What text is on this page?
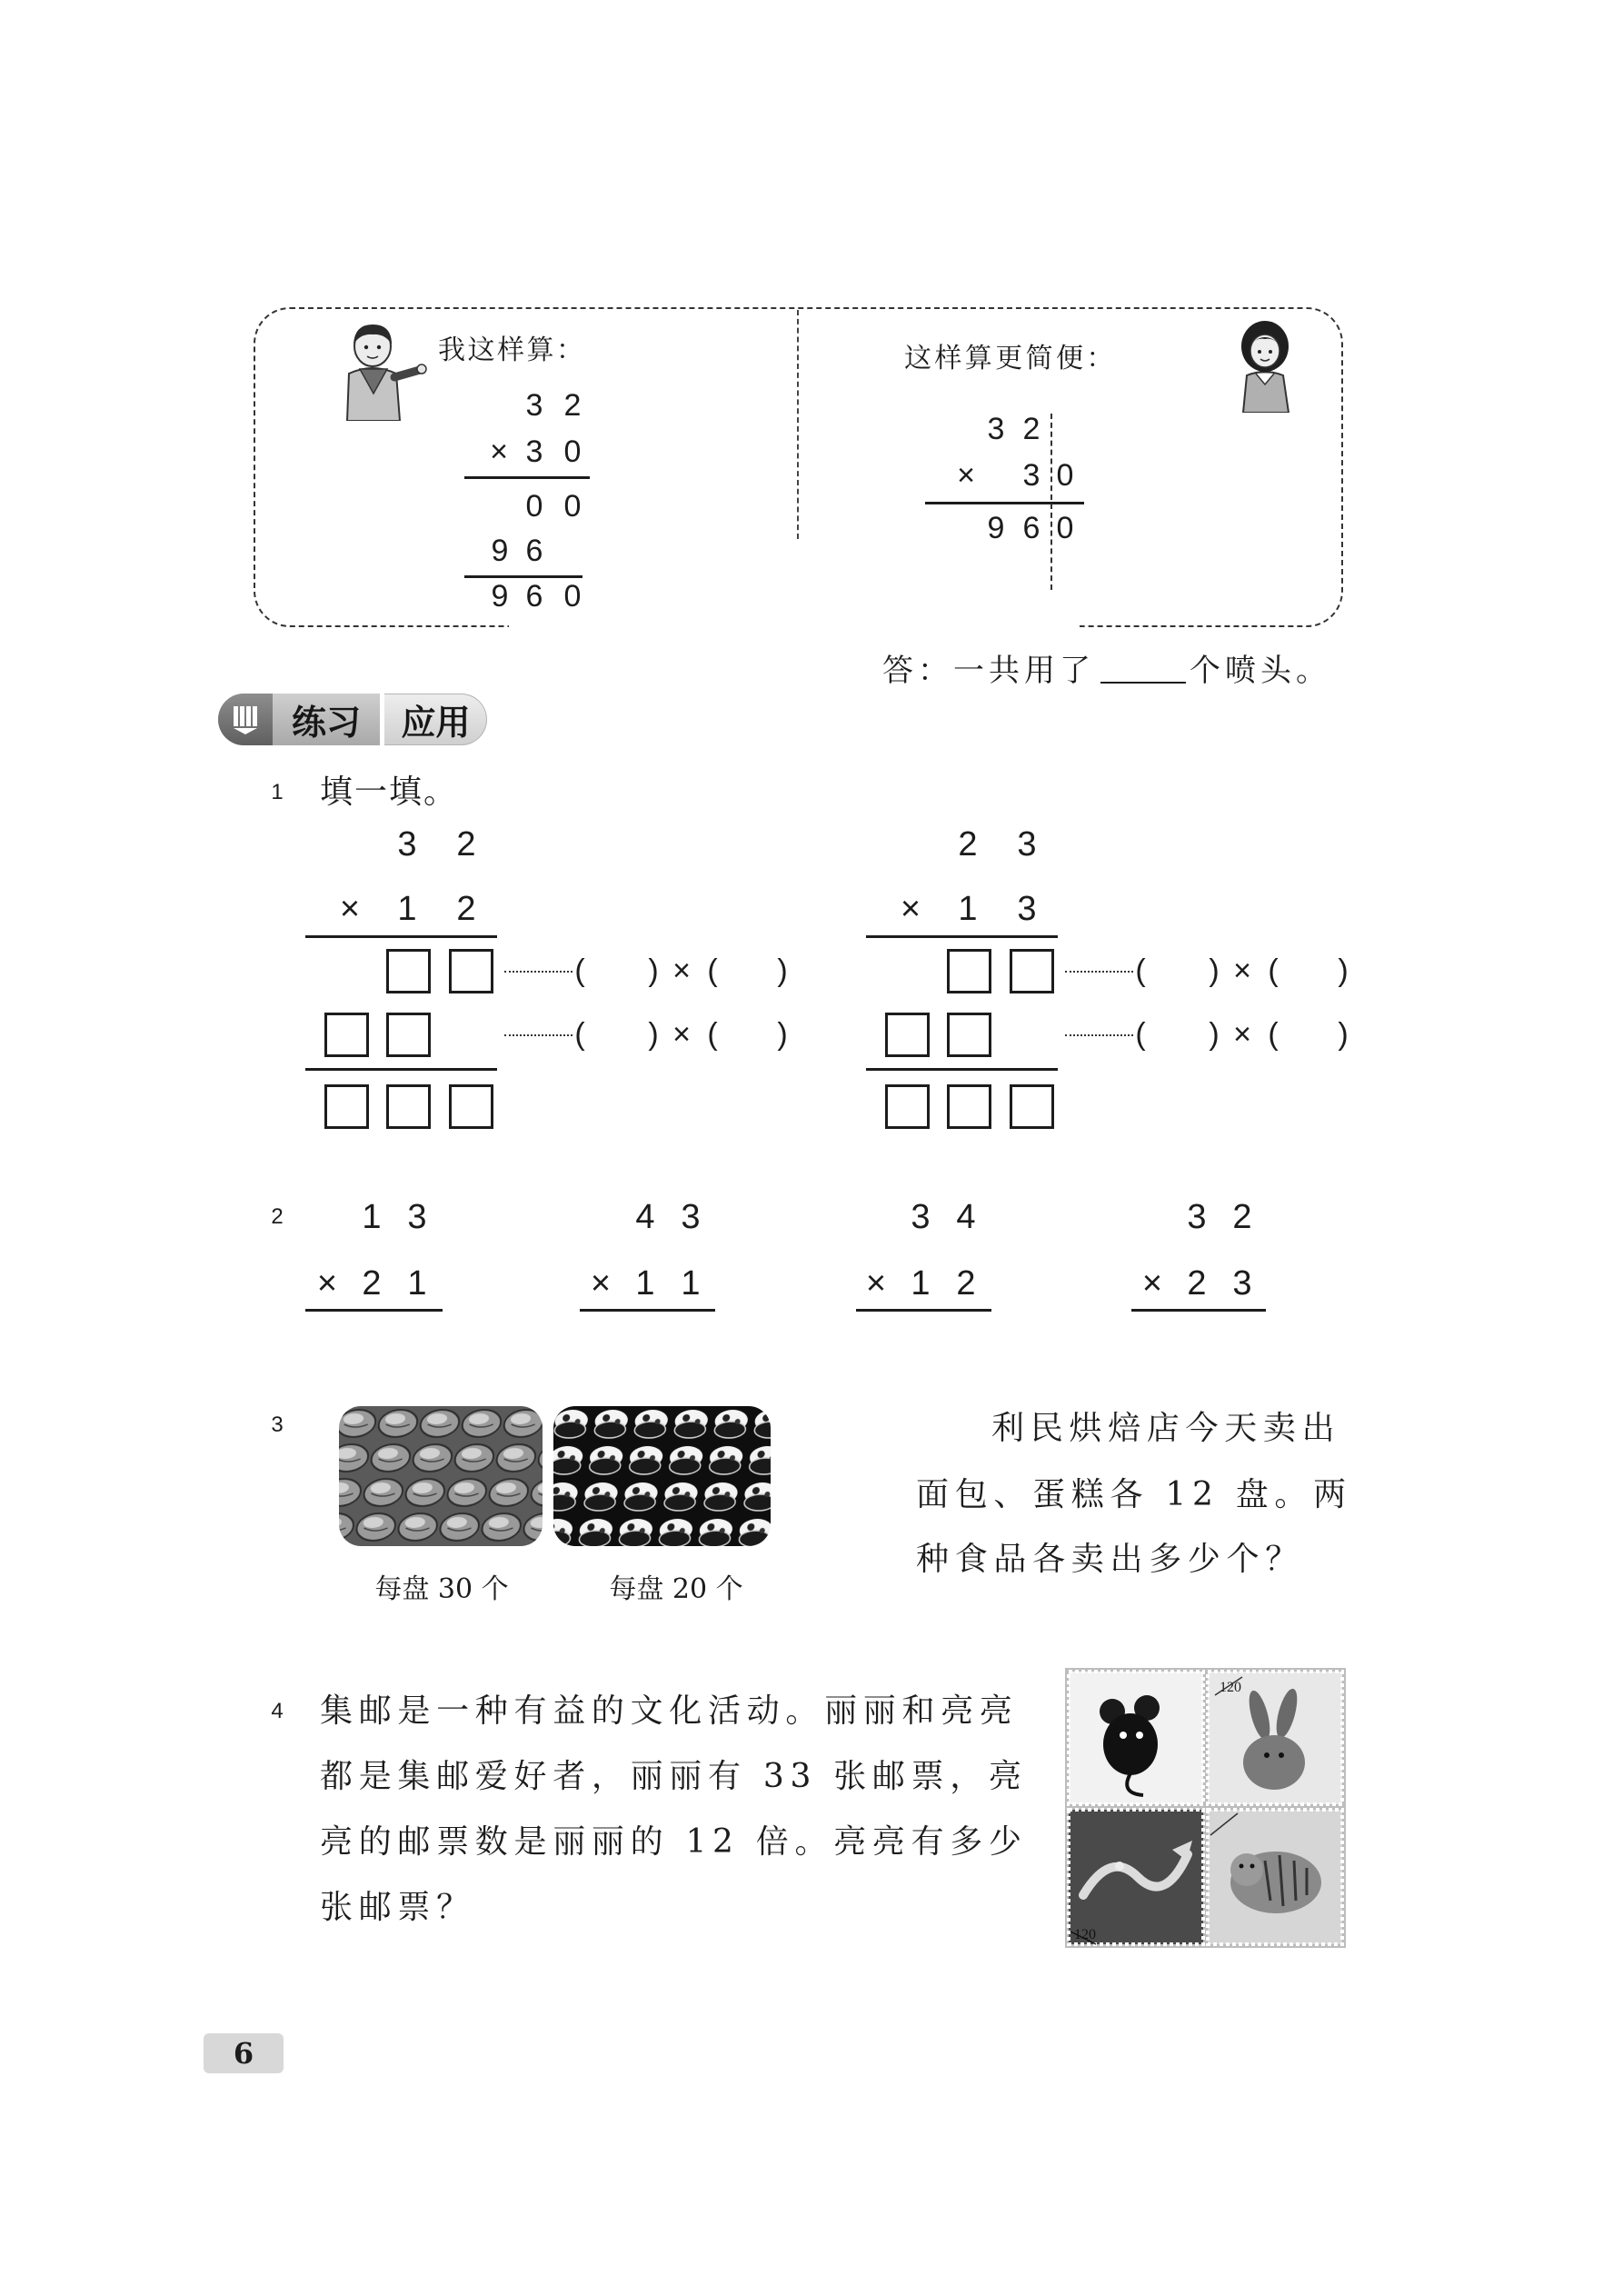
我这样算：
3 2
× 3 0
0 0
9 6
9 6 0
这样算更简便：
3 2
×	3 0
9 6 0
答：一共用了	个喷头。
练习	应用
1 填一填。
3	2
×	1	2
( ) × ( )
( ) × ( )
2	3
×	1	3
( ) × ( )
( ) × ( )
2	1 3
× 2 1
4 3
× 1 1
3 4
× 1 2
3 2
× 2 3
3
每盘 30 个	每盘 20 个
利民烘焙店今天卖出
面包、蛋糕各 12 盘。两
种食品各卖出多少个？
4 集邮是一种有益的文化活动。丽丽和亮亮
都是集邮爱好者，丽丽有 33 张邮票，亮
亮的邮票数是丽丽的 12 倍。亮亮有多少
张邮票？
120
120
6
